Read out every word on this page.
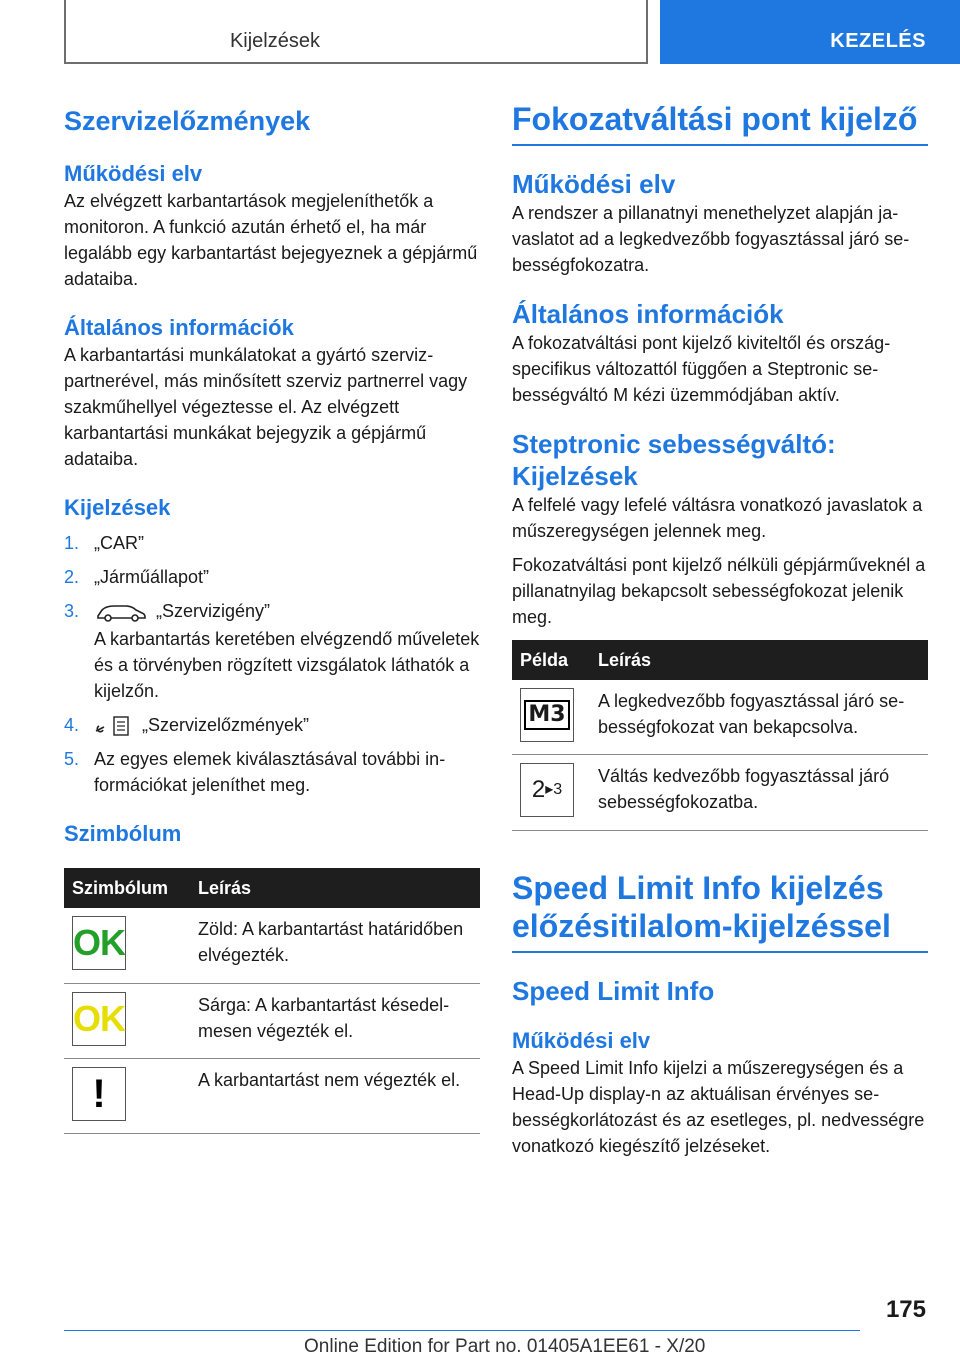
Kijelzések	KEZELÉS
Szervizelőzmények
Működési elv

Az elvégzett karbantartások megjeleníthetők a monitoron. A funkció azután érhető el, ha már legalább egy karbantartást bejegyeznek a gépjármű adataiba.

Általános információk

A karbantartási munkálatokat a gyártó szervizpartnerével, más minősített szerviz partnerrel vagy szakműhellyel végeztesse el. Az elvégzett karbantartási munkákat bejegyzik a gépjármű adataiba.

Kijelzések
1. „CAR”
2. „Járműállapot”
3.	„Szervizigény”
A karbantartás keretében elvégzendő műveletek és a törvényben rögzített vizsgálatok láthatók a kijelzőn.
4.	„Szervizelőzmények”
5. Az egyes elemek kiválasztásával további információkat jeleníthet meg.
Szimbólum
Szimbólum	Leírás

OK	Zöld: A karbantartást határidőben elvégezték.

OK	Sárga: A karbantartást késedelmesen végezték el.

!	A karbantartást nem végezték el.
Fokozatváltási pont kijelző
Működési elv

A rendszer a pillanatnyi menethelyzet alapján javaslatot ad a legkedvezőbb fogyasztással járó sebességfokozatra.

Általános információk

A fokozatváltási pont kijelző kiviteltől és országspecifikus változattól függően a Steptronic sebességváltó M kézi üzemmódjában aktív.

Steptronic sebességváltó: Kijelzések

A felfelé vagy lefelé váltásra vonatkozó javaslatok a műszeregységen jelennek meg.

Fokozatváltási pont kijelző nélküli gépjárműveknél a pillanatnyilag bekapcsolt sebességfokozat jelenik meg.

Példa	Leírás

M3	A legkedvezőbb fogyasztással járó sebességfokozat van bekapcsolva.

2 ▸ 3	Váltás kedvezőbb fogyasztással járó sebességfokozatba.
Speed Limit Info kijelzés előzésitilalom-kijelzéssel
Speed Limit Info
Működési elv

A Speed Limit Info kijelzi a műszeregységen és a Head-Up display-n az aktuálisan érvényes sebességkorlátozást és az esetleges, pl. nedvességre vonatkozó kiegészítő jelzéseket.

175
Online Edition for Part no. 01405A1EE61 - X/20
